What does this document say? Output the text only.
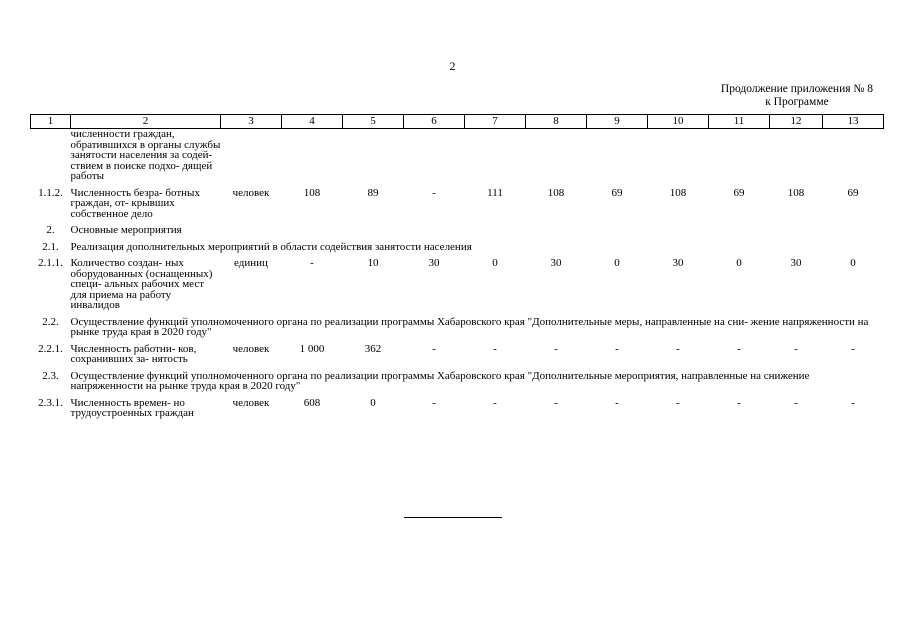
2
Продолжение приложения № 8
к Программе
1	2	3	4	5	6	7	8	9	10	11	12	13
	численности граждан, обратившихся в органы службы занятости населения за содей- ствием в поиске подхо- дящей работы											
1.1.2.	Численность безра- ботных граждан, от- крывших собственное дело	человек	108	89	-	111	108	69	108	69	108	69
2.	Основные мероприятия											
2.1.	Реализация дополнительных мероприятий в области содействия занятости населения											
2.1.1.	Количество создан- ных оборудованных (оснащенных) специ- альных рабочих мест для приема на работу инвалидов	единиц	-	10	30	0	30	0	30	0	30	0
2.2.	Осуществление функций уполномоченного органа по реализации программы Хабаровского края "Дополнительные меры, направленные на сни- жение напряженности на рынке труда края в 2020 году"											
2.2.1.	Численность работни- ков, сохранивших за- нятость	человек	1 000	362	-	-	-	-	-	-	-	-
2.3.	Осуществление функций уполномоченного органа по реализации программы Хабаровского края "Дополнительные мероприятия, направленные на снижение напряженности на рынке труда края в 2020 году"											
2.3.1.	Численность времен- но трудоустроенных граждан	человек	608	0	-	-	-	-	-	-	-	-
